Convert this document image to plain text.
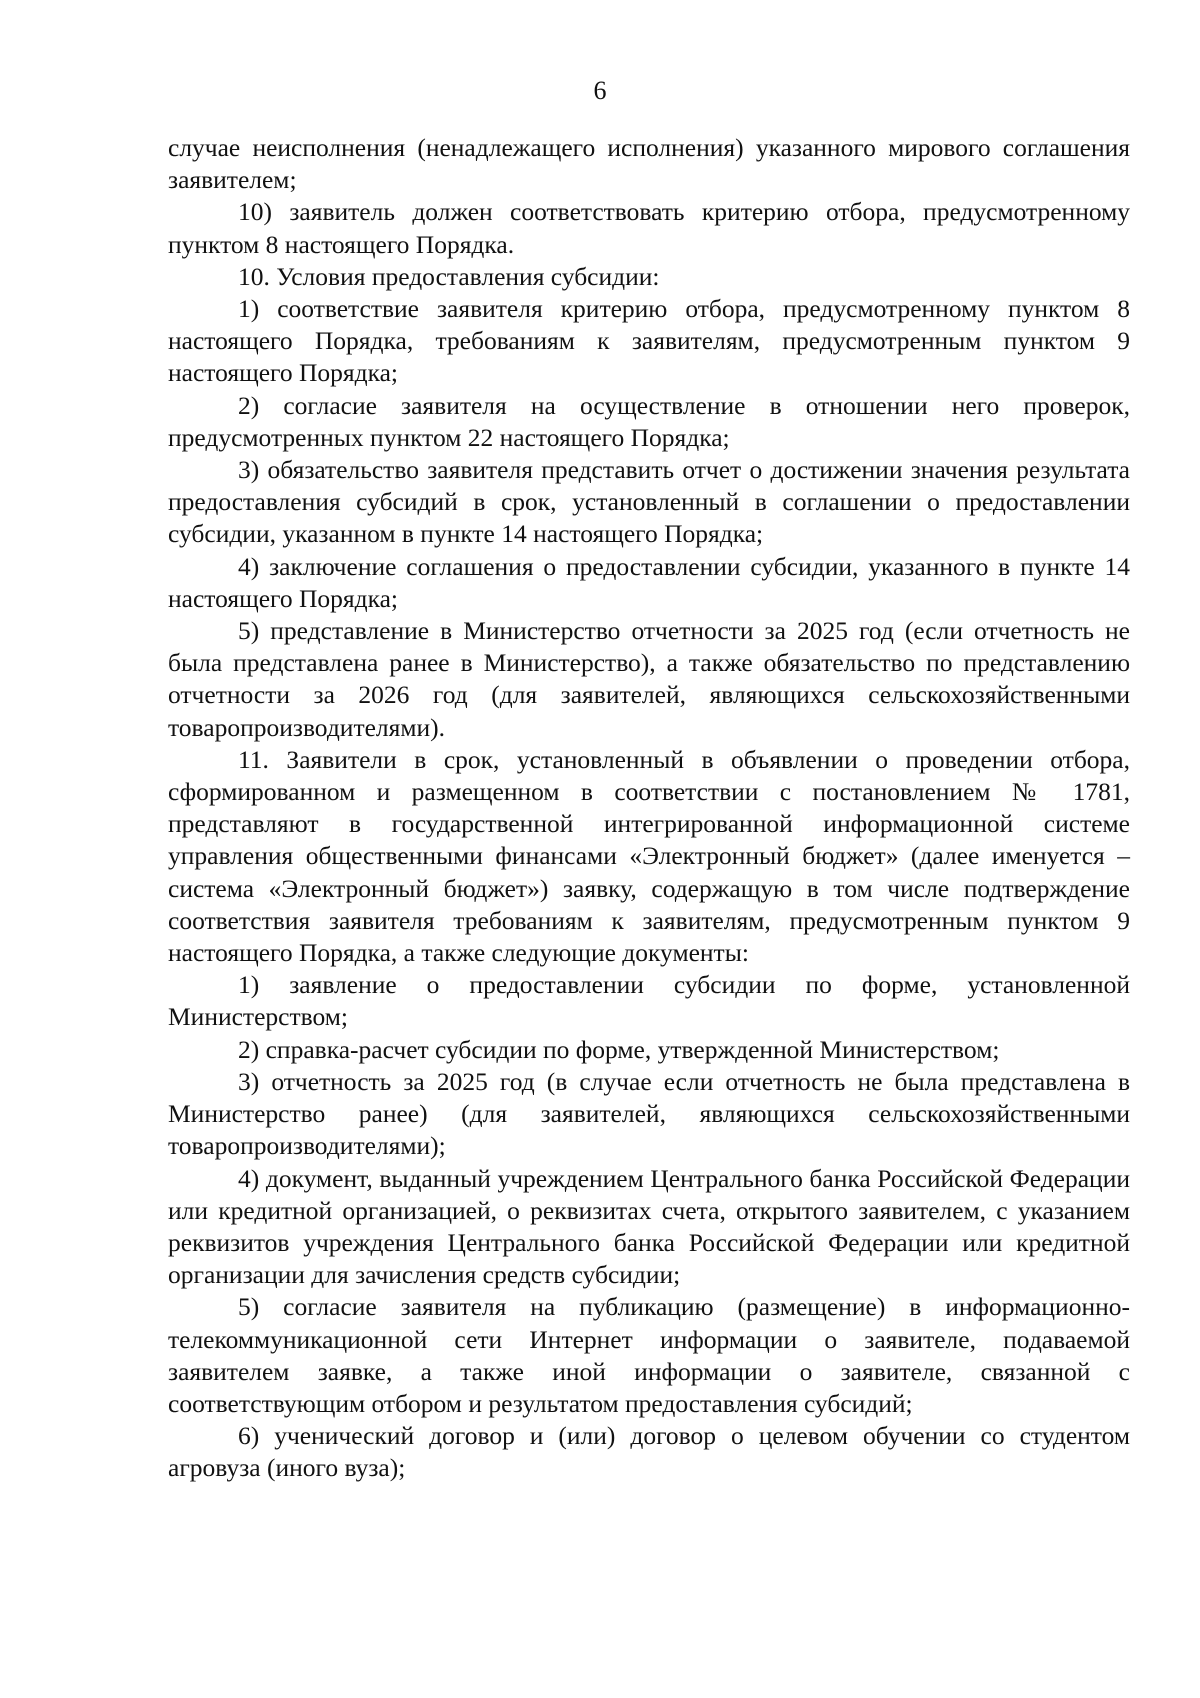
6

случае неисполнения (ненадлежащего исполнения) указанного мирового соглашения заявителем;

10) заявитель должен соответствовать критерию отбора, предусмотренному пунктом 8 настоящего Порядка.

10. Условия предоставления субсидии:

1) соответствие заявителя критерию отбора, предусмотренному пунктом 8 настоящего Порядка, требованиям к заявителям, предусмотренным пунктом 9 настоящего Порядка;

2) согласие заявителя на осуществление в отношении него проверок, предусмотренных пунктом 22 настоящего Порядка;

3) обязательство заявителя представить отчет о достижении значения результата предоставления субсидий в срок, установленный в соглашении о предоставлении субсидии, указанном в пункте 14 настоящего Порядка;

4) заключение соглашения о предоставлении субсидии, указанного в пункте 14 настоящего Порядка;

5) представление в Министерство отчетности за 2025 год (если отчетность не была представлена ранее в Министерство), а также обязательство по представлению отчетности за 2026 год (для заявителей, являющихся сельскохозяйственными товаропроизводителями).

11. Заявители в срок, установленный в объявлении о проведении отбора, сформированном и размещенном в соответствии с постановлением № 1781, представляют в государственной интегрированной информационной системе управления общественными финансами «Электронный бюджет» (далее именуется – система «Электронный бюджет») заявку, содержащую в том числе подтверждение соответствия заявителя требованиям к заявителям, предусмотренным пунктом 9 настоящего Порядка, а также следующие документы:

1) заявление о предоставлении субсидии по форме, установленной Министерством;

2) справка-расчет субсидии по форме, утвержденной Министерством;

3) отчетность за 2025 год (в случае если отчетность не была представлена в Министерство ранее) (для заявителей, являющихся сельскохозяйственными товаропроизводителями);

4) документ, выданный учреждением Центрального банка Российской Федерации или кредитной организацией, о реквизитах счета, открытого заявителем, с указанием реквизитов учреждения Центрального банка Российской Федерации или кредитной организации для зачисления средств субсидии;

5) согласие заявителя на публикацию (размещение) в информационно-телекоммуникационной сети Интернет информации о заявителе, подаваемой заявителем заявке, а также иной информации о заявителе, связанной с соответствующим отбором и результатом предоставления субсидий;

6) ученический договор и (или) договор о целевом обучении со студентом агровуза (иного вуза);
